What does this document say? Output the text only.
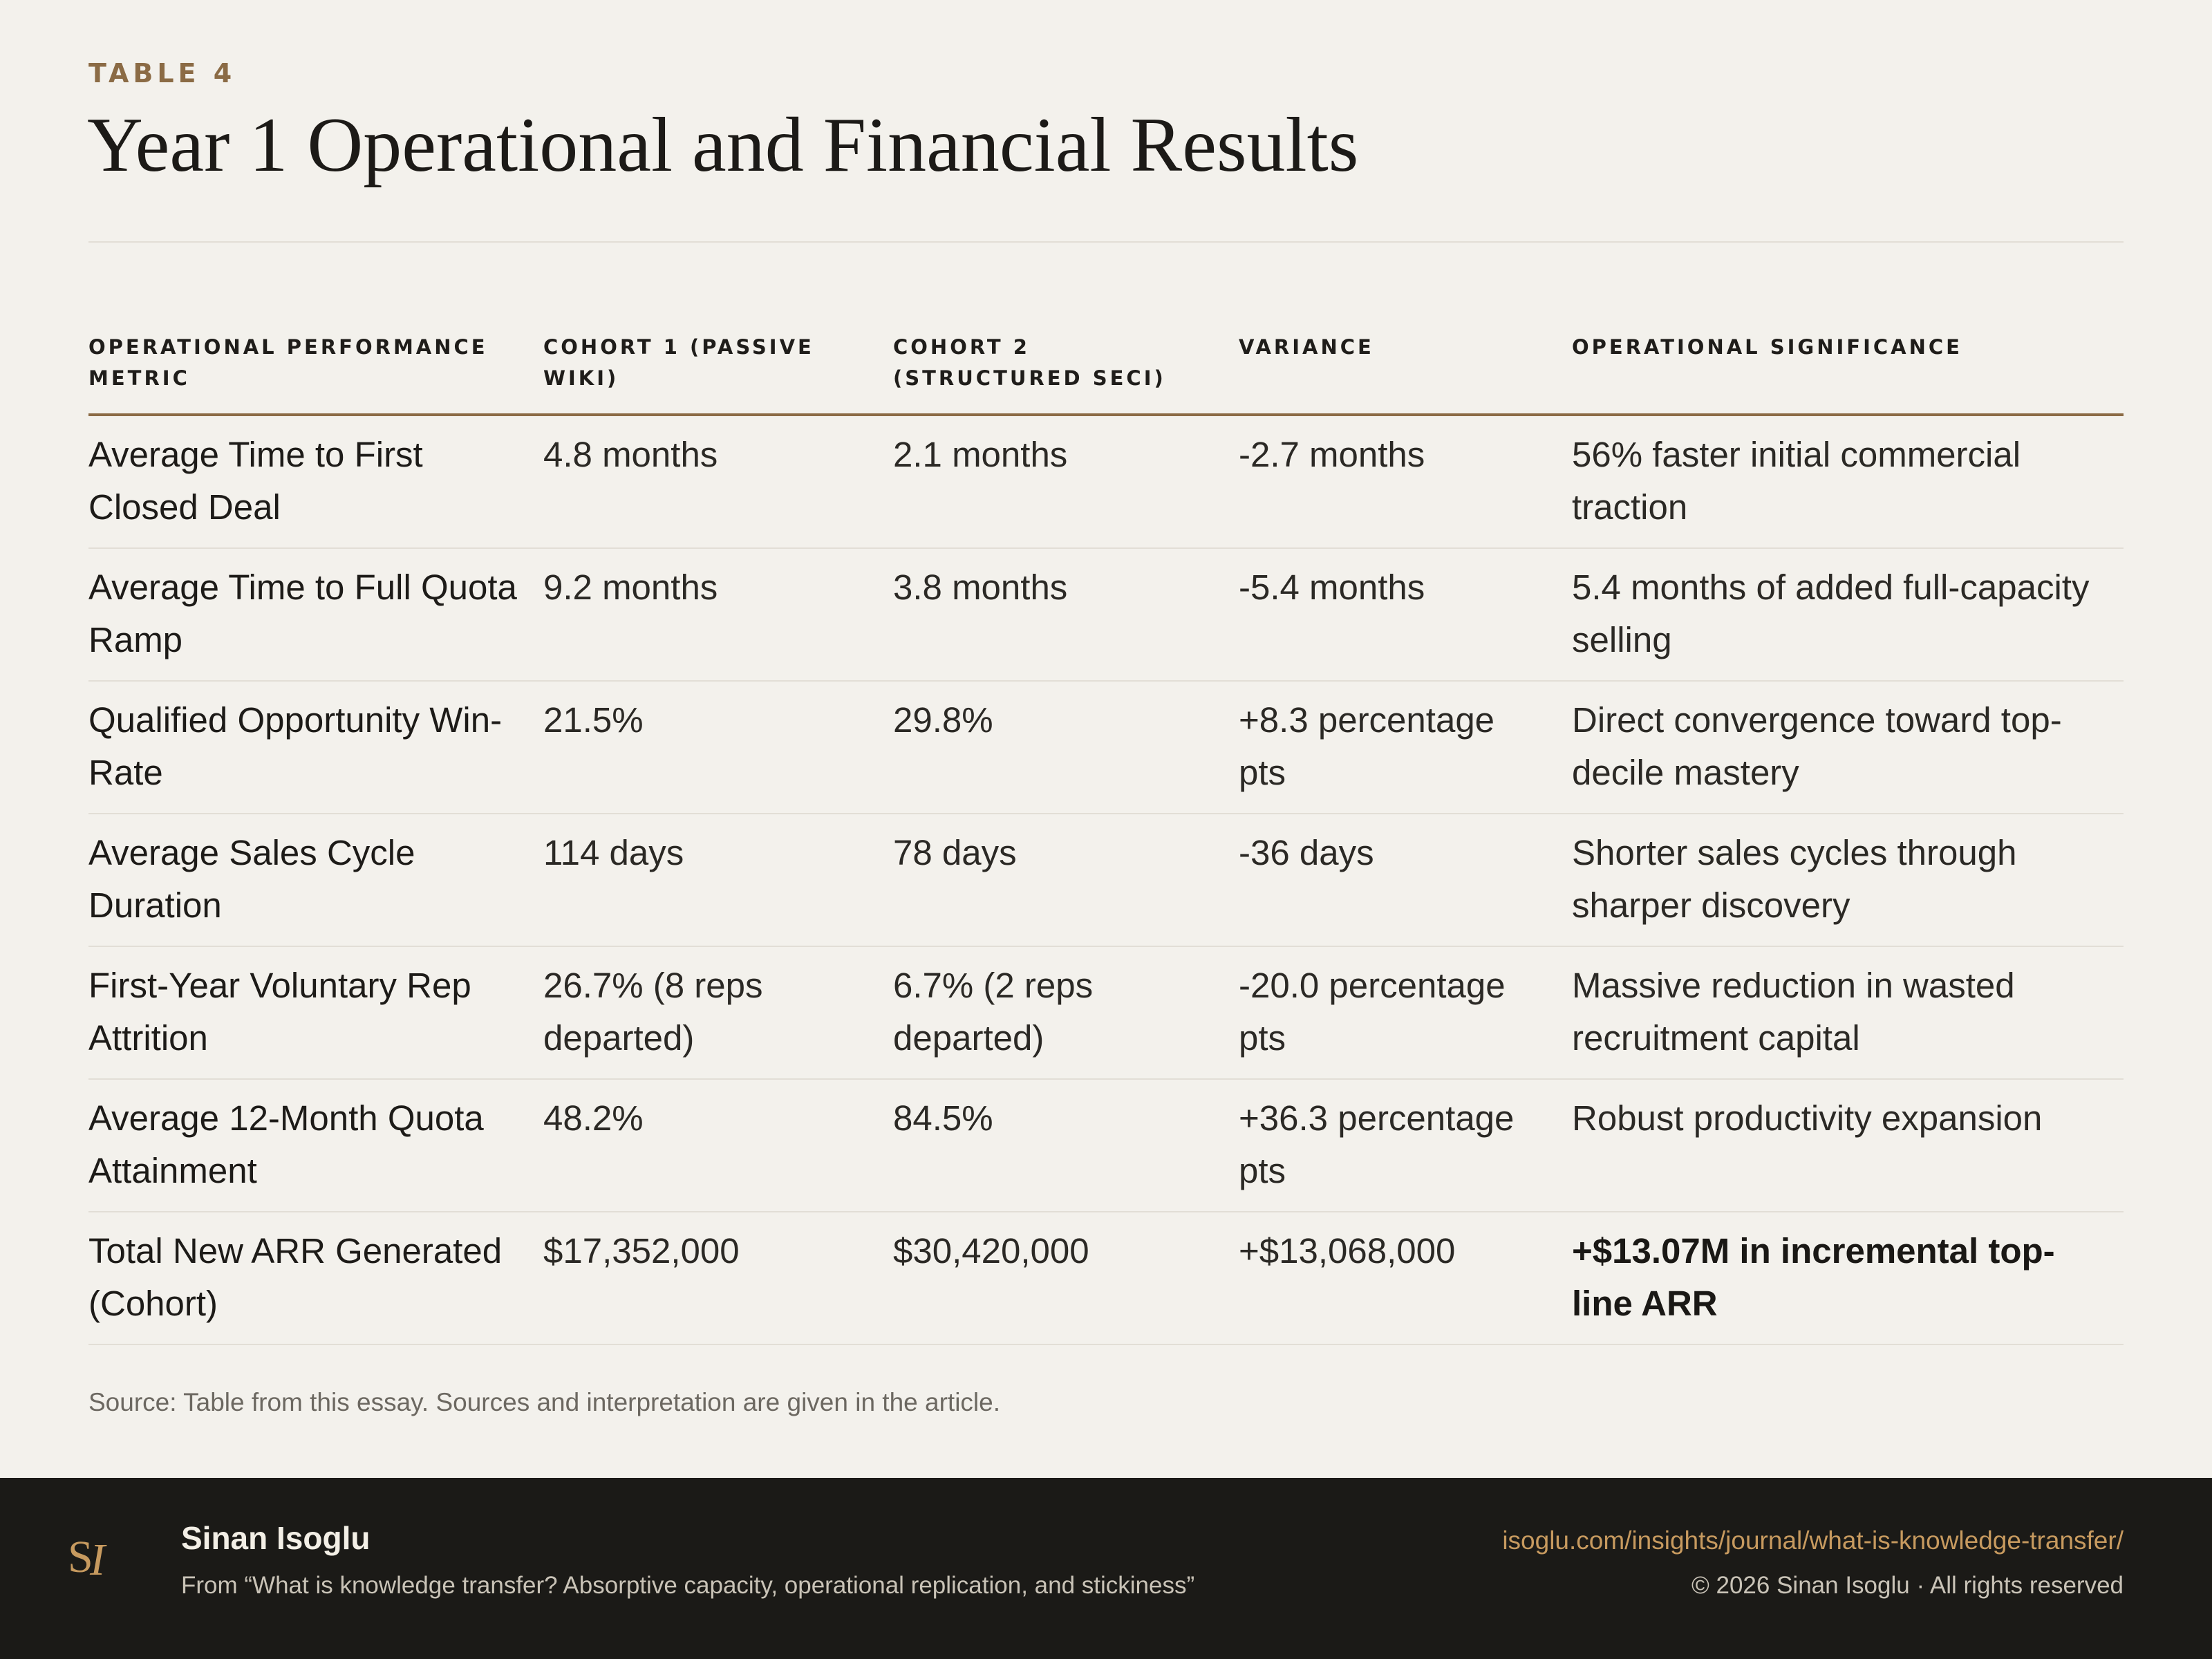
TABLE 4
Year 1 Operational and Financial Results
OPERATIONAL PERFORMANCE METRIC	COHORT 1 (PASSIVE WIKI)	COHORT 2 (STRUCTURED SECI)	VARIANCE	OPERATIONAL SIGNIFICANCE
Average Time to First Closed Deal	4.8 months	2.1 months	-2.7 months	56% faster initial commercial traction
Average Time to Full Quota Ramp	9.2 months	3.8 months	-5.4 months	5.4 months of added full-capacity selling
Qualified Opportunity Win-Rate	21.5%	29.8%	+8.3 percentage pts	Direct convergence toward top-decile mastery
Average Sales Cycle Duration	114 days	78 days	-36 days	Shorter sales cycles through sharper discovery
First-Year Voluntary Rep Attrition	26.7% (8 reps departed)	6.7% (2 reps departed)	-20.0 percentage pts	Massive reduction in wasted recruitment capital
Average 12-Month Quota Attainment	48.2%	84.5%	+36.3 percentage pts	Robust productivity expansion
Total New ARR Generated (Cohort)	$17,352,000	$30,420,000	+$13,068,000	+$13.07M in incremental top-line ARR
Source: Table from this essay. Sources and interpretation are given in the article.
S
I Sinan Isoglu
From “What is knowledge transfer? Absorptive capacity, operational replication, and stickiness”
isoglu.com/insights/journal/what-is-knowledge-transfer/
© 2026 Sinan Isoglu · All rights reserved
